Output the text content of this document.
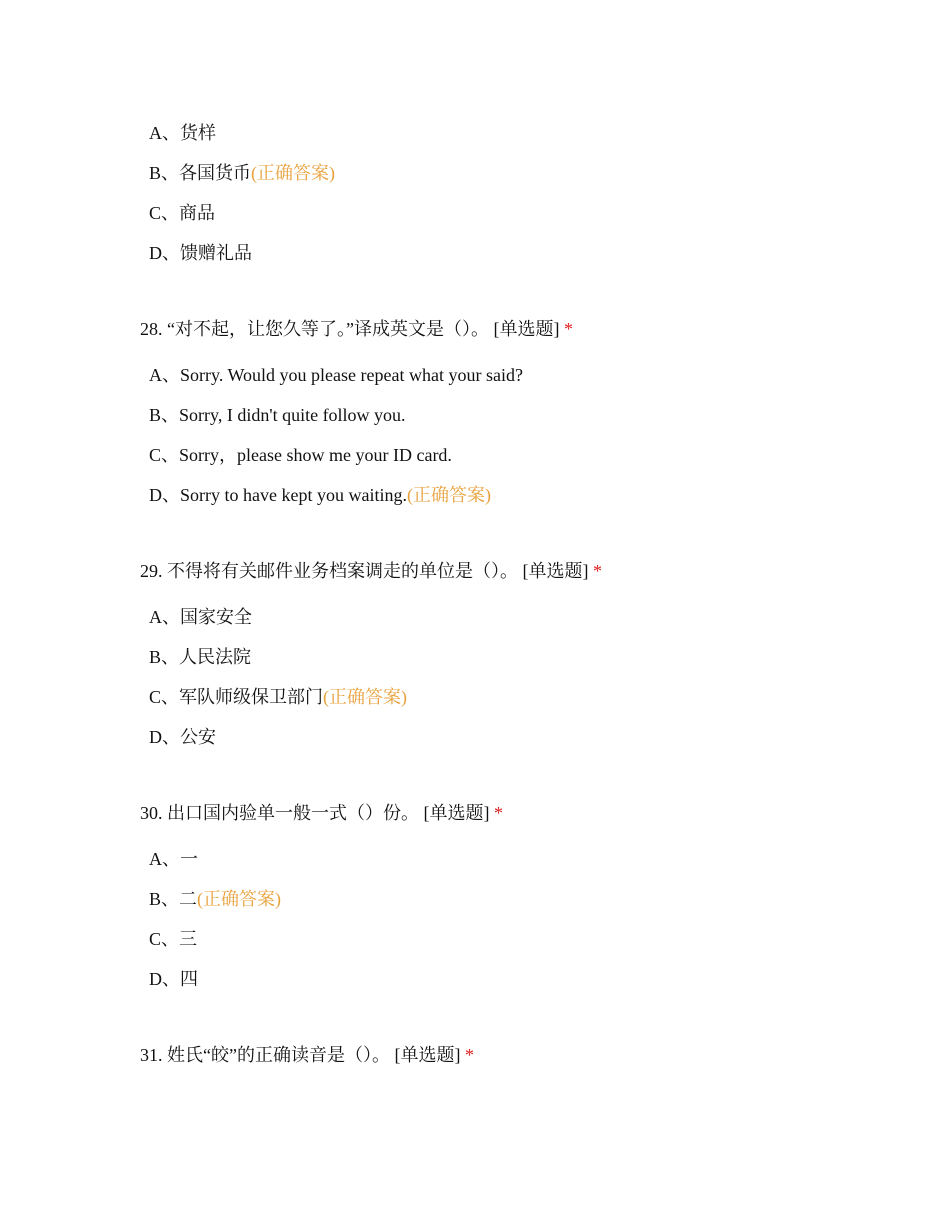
A、货样
B、各国货币(正确答案)
C、商品
D、馈赠礼品
28. “对不起，让您久等了。”译成英文是（）。 [单选题] *
A、Sorry. Would you please repeat what your said?
B、Sorry, I didn't quite follow you.
C、Sorry，please show me your ID card.
D、Sorry to have kept you waiting.(正确答案)
29. 不得将有关邮件业务档案调走的单位是（）。 [单选题] *
A、国家安全
B、人民法院
C、军队师级保卫部门(正确答案)
D、公安
30. 出口国内验单一般一式（）份。 [单选题] *
A、一
B、二(正确答案)
C、三
D、四
31. 姓氏“皎”的正确读音是（）。 [单选题] *
